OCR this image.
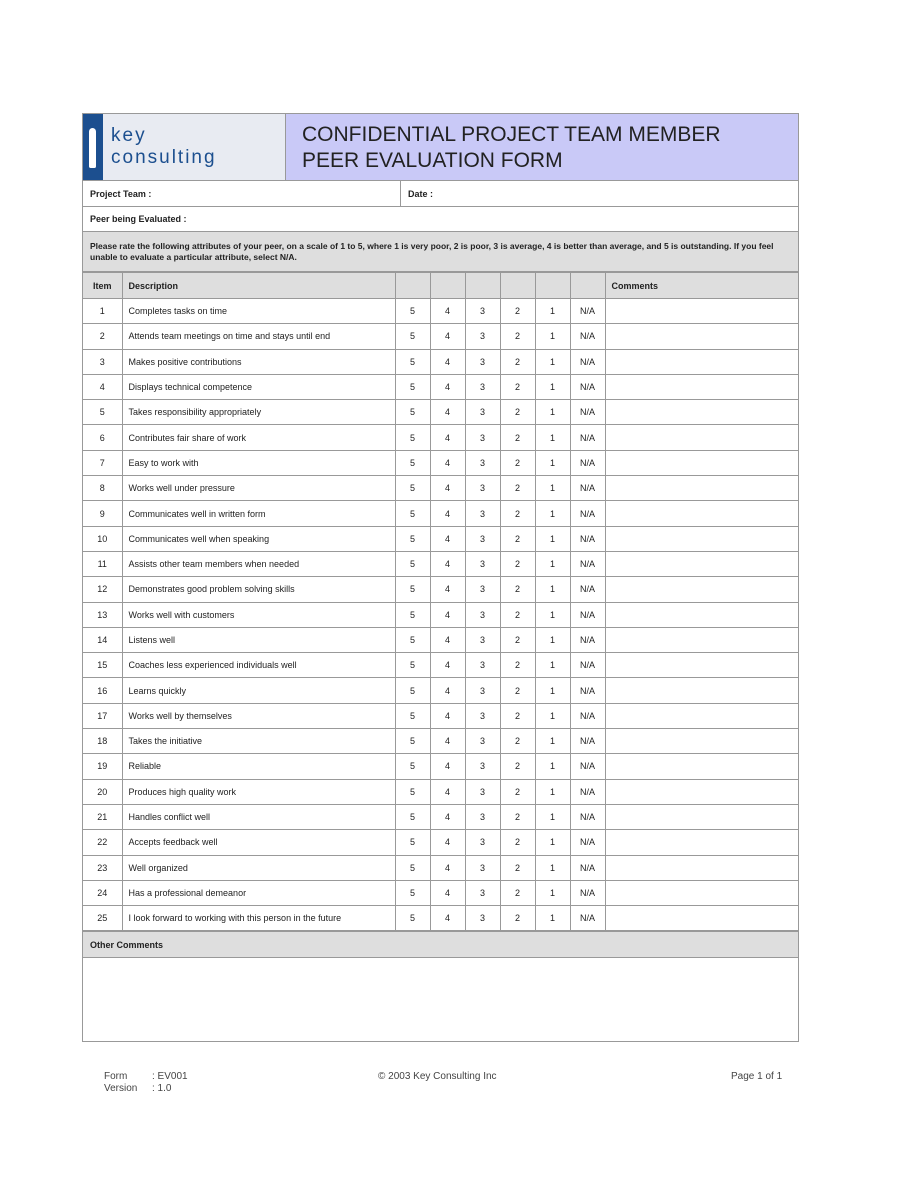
key
consulting
CONFIDENTIAL PROJECT TEAM MEMBER
PEER EVALUATION FORM
Project Team :	Date :
Peer being Evaluated :
Please rate the following attributes of your peer, on a scale of 1 to 5, where 1 is very poor, 2 is poor, 3 is average, 4 is better than average, and 5 is outstanding. If you feel unable to evaluate a particular attribute, select N/A.
Item	Description							Comments
1	Completes tasks on time	5	4	3	2	1	N/A	
2	Attends team meetings on time and stays until end	5	4	3	2	1	N/A	
3	Makes positive contributions	5	4	3	2	1	N/A	
4	Displays technical competence	5	4	3	2	1	N/A	
5	Takes responsibility appropriately	5	4	3	2	1	N/A	
6	Contributes fair share of work	5	4	3	2	1	N/A	
7	Easy to work with	5	4	3	2	1	N/A	
8	Works well under pressure	5	4	3	2	1	N/A	
9	Communicates well in written form	5	4	3	2	1	N/A	
10	Communicates well when speaking	5	4	3	2	1	N/A	
11	Assists other team members when needed	5	4	3	2	1	N/A	
12	Demonstrates good problem solving skills	5	4	3	2	1	N/A	
13	Works well with customers	5	4	3	2	1	N/A	
14	Listens well	5	4	3	2	1	N/A	
15	Coaches less experienced individuals well	5	4	3	2	1	N/A	
16	Learns quickly	5	4	3	2	1	N/A	
17	Works well by themselves	5	4	3	2	1	N/A	
18	Takes the initiative	5	4	3	2	1	N/A	
19	Reliable	5	4	3	2	1	N/A	
20	Produces high quality work	5	4	3	2	1	N/A	
21	Handles conflict well	5	4	3	2	1	N/A	
22	Accepts feedback well	5	4	3	2	1	N/A	
23	Well organized	5	4	3	2	1	N/A	
24	Has a professional demeanor	5	4	3	2	1	N/A	
25	I look forward to working with this person in the future	5	4	3	2	1	N/A	
Other Comments
Form : EV001
Version : 1.0
© 2003 Key Consulting Inc	Page 1 of 1
